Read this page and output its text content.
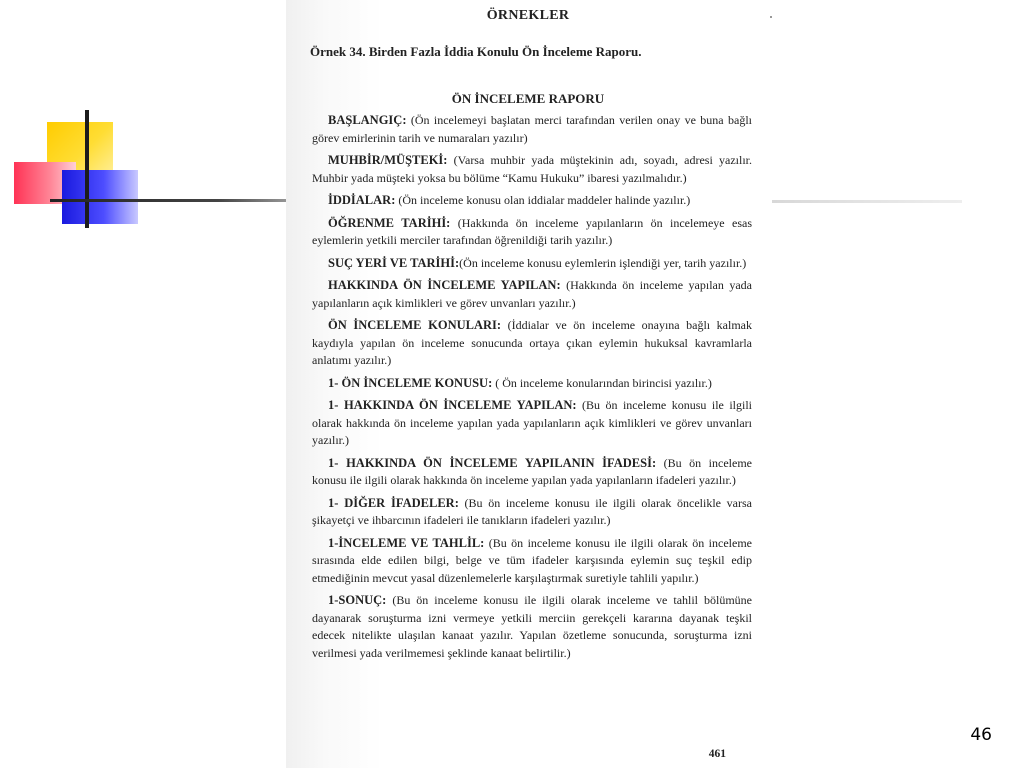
ÖRNEKLER
Örnek 34. Birden Fazla İddia Konulu Ön İnceleme Raporu.
ÖN İNCELEME RAPORU

BAŞLANGIÇ: (Ön incelemeyi başlatan merci tarafından verilen onay ve buna bağlı görev emirlerinin tarih ve numaraları yazılır)

MUHBİR/MÜŞTEKİ: (Varsa muhbir yada müştekinin adı, soyadı, adresi yazılır. Muhbir yada müşteki yoksa bu bölüme “Kamu Hukuku” ibaresi yazılmalıdır.)

İDDİALAR: (Ön inceleme konusu olan iddialar maddeler halinde yazılır.)

ÖĞRENME TARİHİ: (Hakkında ön inceleme yapılanların ön incelemeye esas eylemlerin yetkili merciler tarafından öğrenildiği tarih yazılır.)

SUÇ YERİ VE TARİHİ:(Ön inceleme konusu eylemlerin işlendiği yer, tarih yazılır.)

HAKKINDA ÖN İNCELEME YAPILAN: (Hakkında ön inceleme yapılan yada yapılanların açık kimlikleri ve görev unvanları yazılır.)

ÖN İNCELEME KONULARI: (İddialar ve ön inceleme onayına bağlı kalmak kaydıyla yapılan ön inceleme sonucunda ortaya çıkan eylemin hukuksal kavramlarla anlatımı yazılır.)

1- ÖN İNCELEME KONUSU: ( Ön inceleme konularından birincisi yazılır.)

1- HAKKINDA ÖN İNCELEME YAPILAN: (Bu ön inceleme konusu ile ilgili olarak hakkında ön inceleme yapılan yada yapılanların açık kimlikleri ve görev unvanları yazılır.)

1- HAKKINDA ÖN İNCELEME YAPILANIN İFADESİ: (Bu ön inceleme konusu ile ilgili olarak hakkında ön inceleme yapılan yada yapılanların ifadeleri yazılır.)

1- DİĞER İFADELER: (Bu ön inceleme konusu ile ilgili olarak öncelikle varsa şikayetçi ve ihbarcının ifadeleri ile tanıkların ifadeleri yazılır.)

1-İNCELEME VE TAHLİL: (Bu ön inceleme konusu ile ilgili olarak ön inceleme sırasında elde edilen bilgi, belge ve tüm ifadeler karşısında eylemin suç teşkil edip etmediğinin mevcut yasal düzenlemelerle karşılaştırmak suretiyle tahlili yapılır.)

1-SONUÇ: (Bu ön inceleme konusu ile ilgili olarak inceleme ve tahlil bölümüne dayanarak soruşturma izni vermeye yetkili merciin gerekçeli kararına dayanak teşkil edecek nitelikte ulaşılan kanaat yazılır. Yapılan özetleme sonucunda, soruşturma izni verilmesi yada verilmemesi şeklinde kanaat belirtilir.)

461
46
